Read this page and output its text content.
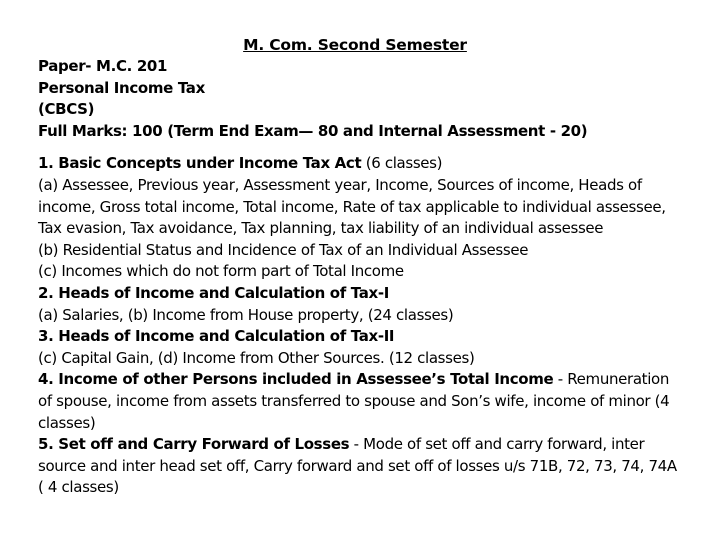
M. Com. Second Semester
Paper- M.C. 201
Personal Income Tax
(CBCS)
Full Marks: 100 (Term End Exam— 80 and Internal Assessment - 20)
1. Basic Concepts under Income Tax Act (6 classes)
(a) Assessee, Previous year, Assessment year, Income, Sources of income, Heads of income, Gross total income, Total income, Rate of tax applicable to individual assessee, Tax evasion, Tax avoidance, Tax planning, tax liability of an individual assessee
(b) Residential Status and Incidence of Tax of an Individual Assessee
(c) Incomes which do not form part of Total Income
2. Heads of Income and Calculation of Tax-I
(a) Salaries, (b) Income from House property, (24 classes)
3. Heads of Income and Calculation of Tax-II
(c) Capital Gain, (d) Income from Other Sources. (12 classes)
4. Income of other Persons included in Assessee’s Total Income - Remuneration of spouse, income from assets transferred to spouse and Son’s wife, income of minor (4 classes)
5. Set off and Carry Forward of Losses - Mode of set off and carry forward, inter source and inter head set off, Carry forward and set off of losses u/s 71B, 72, 73, 74, 74A ( 4 classes)
